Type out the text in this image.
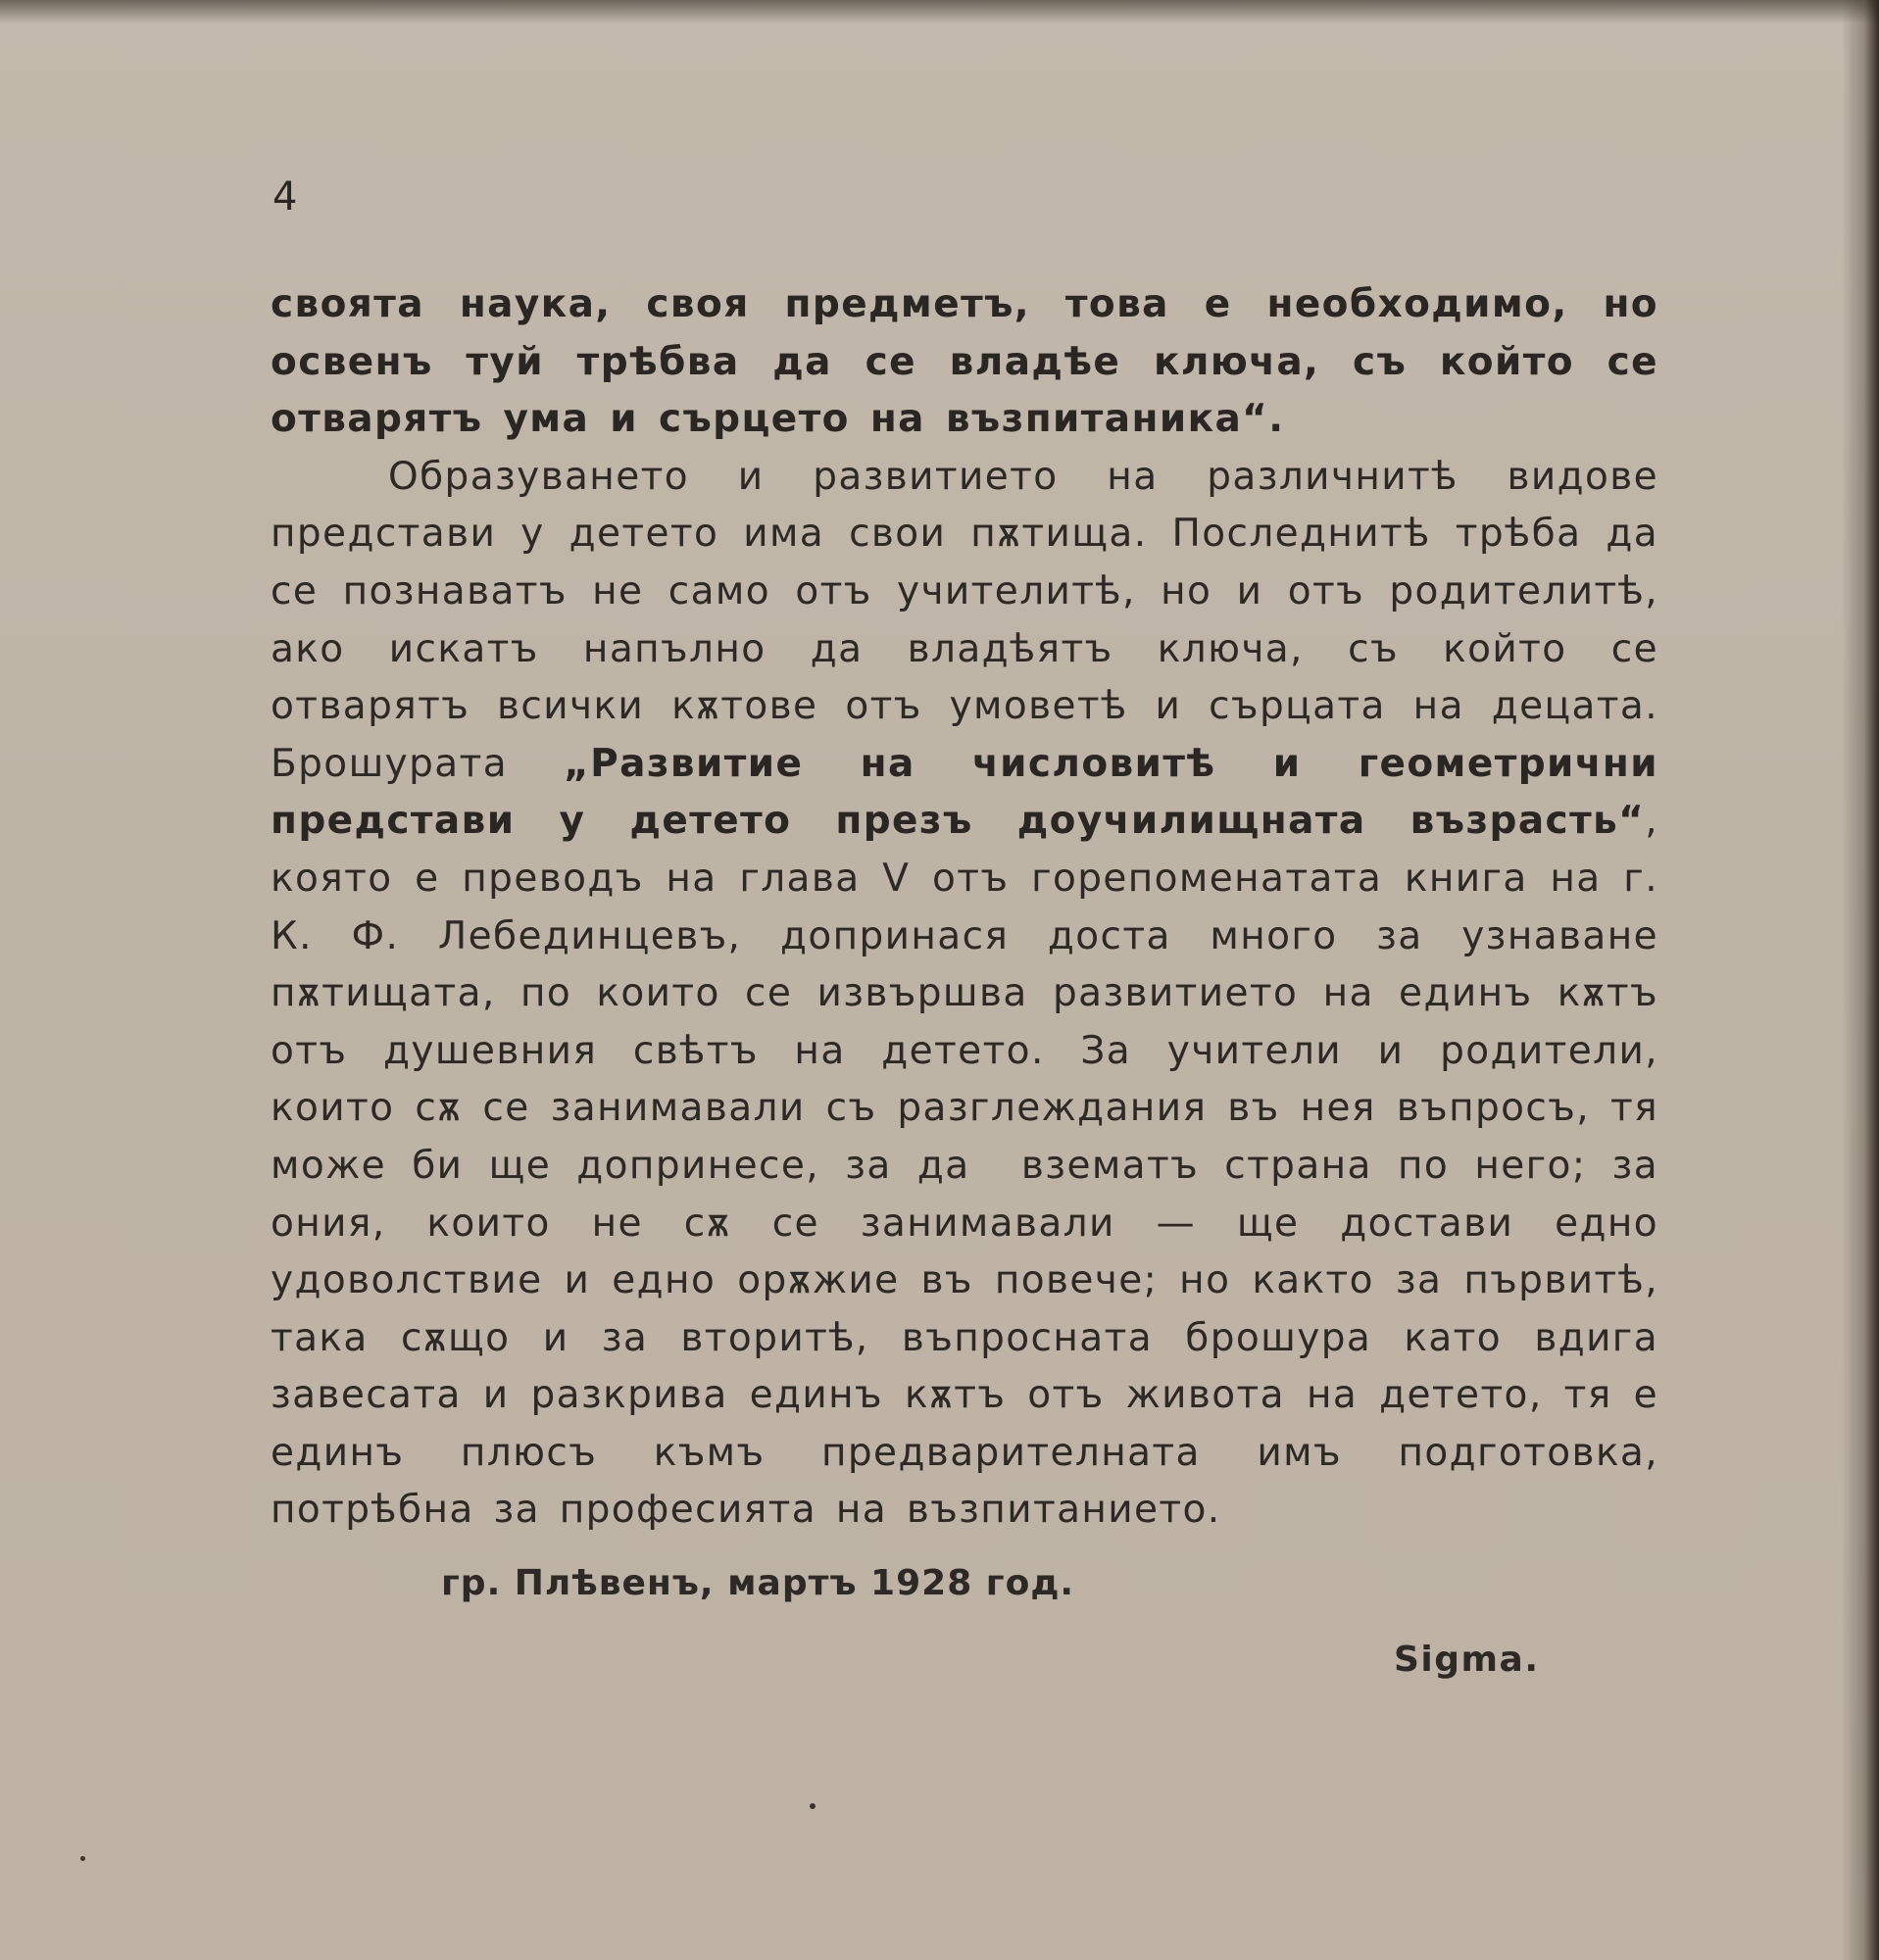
4

своята наука, своя предметъ, това е необходимо, но освенъ туй трѣбва да се владѣе ключа, съ който се отварятъ ума и сърцето на възпитаника“.

Образуването и развитието на различнитѣ видове представи у детето има свои пѫтища. Последнитѣ трѣба да се познаватъ не само отъ учителитѣ, но и отъ родителитѣ, ако искатъ напълно да владѣятъ ключа, съ който се отварятъ всички кѫтове отъ умоветѣ и сърцата на децата. Брошурата „Развитие на числовитѣ и геометрични представи у детето презъ доучилищната възрасть“, която е преводъ на глава V отъ горепоменатата книга на г. К. Ф. Лебединцевъ, допринася доста много за узнаване пѫтищата, по които се извършва развитието на единъ кѫтъ отъ душевния свѣтъ на детето. За учители и родители, които сѫ се занимавали съ разглеждания въ нея въпросъ, тя може би ще допринесе, за да ‍ взематъ страна по него; за ония, които не сѫ се занимавали — ще достави едно удоволствие и едно орѫжие въ повече; но както за първитѣ, така сѫщо и за вторитѣ, въпросната брошура като вдига завесата и разкрива единъ кѫтъ отъ живота на детето, тя е единъ плюсъ къмъ предварителната имъ подготовка, потрѣбна за професията на възпитанието.

гр. Плѣвенъ, мартъ 1928 год.
Sigma.
